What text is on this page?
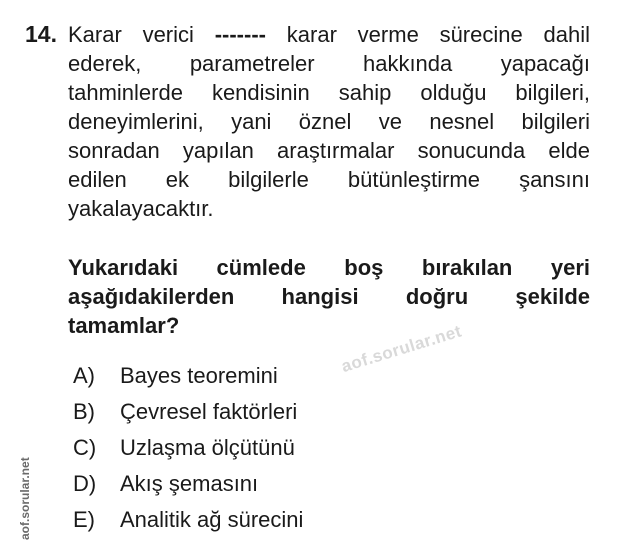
14. Karar verici ------- karar verme sürecine dahil
ederek, parametreler hakkında yapacağı
tahminlerde kendisinin sahip olduğu bilgileri,
deneyimlerini, yani öznel ve nesnel bilgileri
sonradan yapılan araştırmalar sonucunda elde
edilen ek bilgilerle bütünleştirme şansını
yakalayacaktır.
Yukarıdaki cümlede boş bırakılan yeri
aşağıdakilerden hangisi doğru şekilde
tamamlar?
A)	Bayes teoremini
B)	Çevresel faktörleri
C)	Uzlaşma ölçütünü
D)	Akış şemasını
E)	Analitik ağ sürecini
aof.sorular.net
aof.sorular.net
